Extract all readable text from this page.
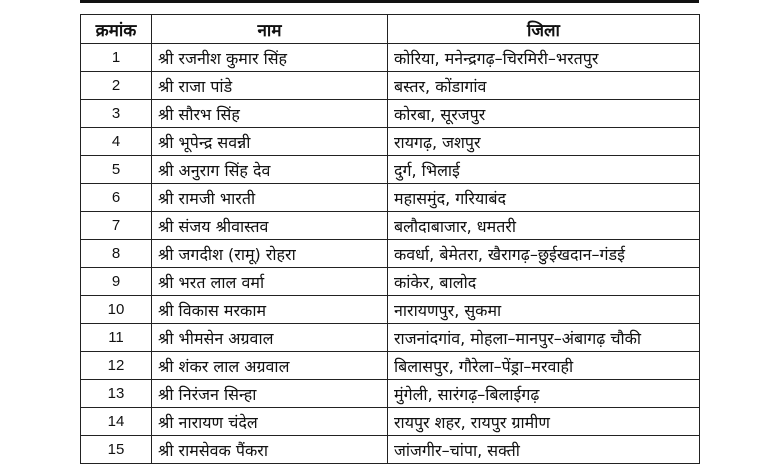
क्रमांक	नाम	जिला
1	श्री रजनीश कुमार सिंह	कोरिया, मनेन्द्रगढ़–चिरमिरी–भरतपुर
2	श्री राजा पांडे	बस्तर, कोंडागांव
3	श्री सौरभ सिंह	कोरबा, सूरजपुर
4	श्री भूपेन्द्र सवन्नी	रायगढ़, जशपुर
5	श्री अनुराग सिंह देव	दुर्ग, भिलाई
6	श्री रामजी भारती	महासमुंद, गरियाबंद
7	श्री संजय श्रीवास्तव	बलौदाबाजार, धमतरी
8	श्री जगदीश (रामू) रोहरा	कवर्धा, बेमेतरा, खैरागढ़–छुईखदान–गंडई
9	श्री भरत लाल वर्मा	कांकेर, बालोद
10	श्री विकास मरकाम	नारायणपुर, सुकमा
11	श्री भीमसेन अग्रवाल	राजनांदगांव, मोहला–मानपुर–अंबागढ़ चौकी
12	श्री शंकर लाल अग्रवाल	बिलासपुर, गौरेला–पेंड्रा–मरवाही
13	श्री निरंजन सिन्हा	मुंगेली, सारंगढ़–बिलाईगढ़
14	श्री नारायण चंदेल	रायपुर शहर, रायपुर ग्रामीण
15	श्री रामसेवक पैंकरा	जांजगीर–चांपा, सक्ती
